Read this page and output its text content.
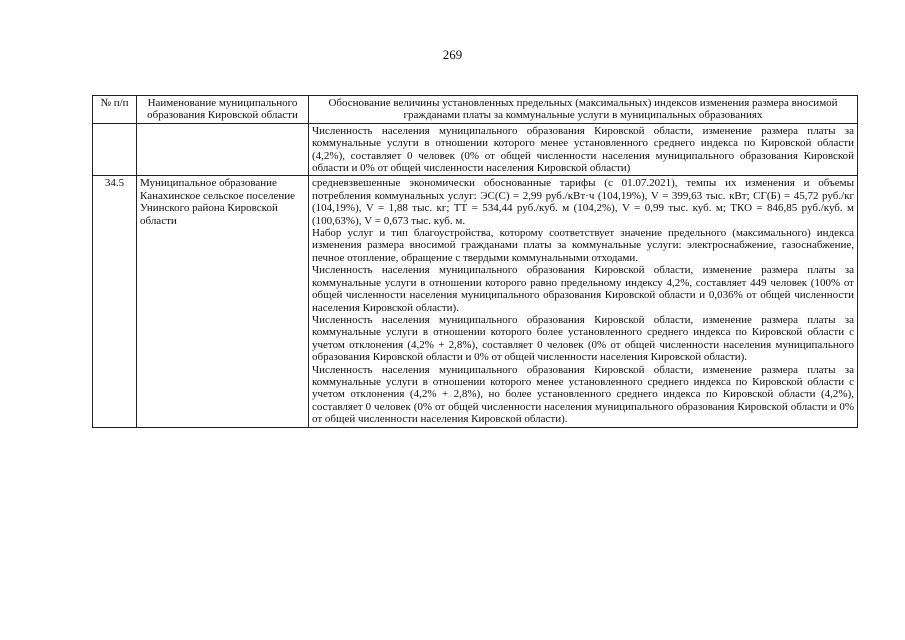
269
№ п/п	Наименование муниципального образования Кировской области	Обоснование величины установленных предельных (максимальных) индексов изменения размера вносимой гражданами платы за коммунальные услуги в муниципальных образованиях

		Численность населения муниципального образования Кировской области, изменение размера платы за коммунальные услуги в отношении которого менее установленного среднего индекса по Кировской области (4,2%), составляет 0 человек (0% от общей численности населения муниципального образования Кировской области и 0% от общей численности населения Кировской области)

34.5	Муниципальное образование Канахинское сельское поселение Унинского района Кировской области	средневзвешенные экономически обоснованные тарифы (с 01.07.2021), темпы их изменения и объемы потребления коммунальных услуг: ЭС(С) = 2,99 руб./кВт·ч (104,19%), V = 399,63 тыс. кВт; СГ(Б) = 45,72 руб./кг (104,19%), V = 1,88 тыс. кг; ТТ = 534,44 руб./куб. м (104,2%), V = 0,99 тыс. куб. м; ТКО = 846,85 руб./куб. м (100,63%), V = 0,673 тыс. куб. м.

Набор услуг и тип благоустройства, которому соответствует значение предельного (максимального) индекса изменения размера вносимой гражданами платы за коммунальные услуги: электроснабжение, газоснабжение, печное отопление, обращение с твердыми коммунальными отходами.

Численность населения муниципального образования Кировской области, изменение размера платы за коммунальные услуги в отношении которого равно предельному индексу 4,2%, составляет 449 человек (100% от общей численности населения муниципального образования Кировской области и 0,036% от общей численности населения Кировской области).

Численность населения муниципального образования Кировской области, изменение размера платы за коммунальные услуги в отношении которого более установленного среднего индекса по Кировской области с учетом отклонения (4,2% + 2,8%), составляет 0 человек (0% от общей численности населения муниципального образования Кировской области и 0% от общей численности населения Кировской области).

Численность населения муниципального образования Кировской области, изменение размера платы за коммунальные услуги в отношении которого менее установленного среднего индекса по Кировской области с учетом отклонения (4,2% + 2,8%), но более установленного среднего индекса по Кировской области (4,2%), составляет 0 человек (0% от общей численности населения муниципального образования Кировской области и 0% от общей численности населения Кировской области).
